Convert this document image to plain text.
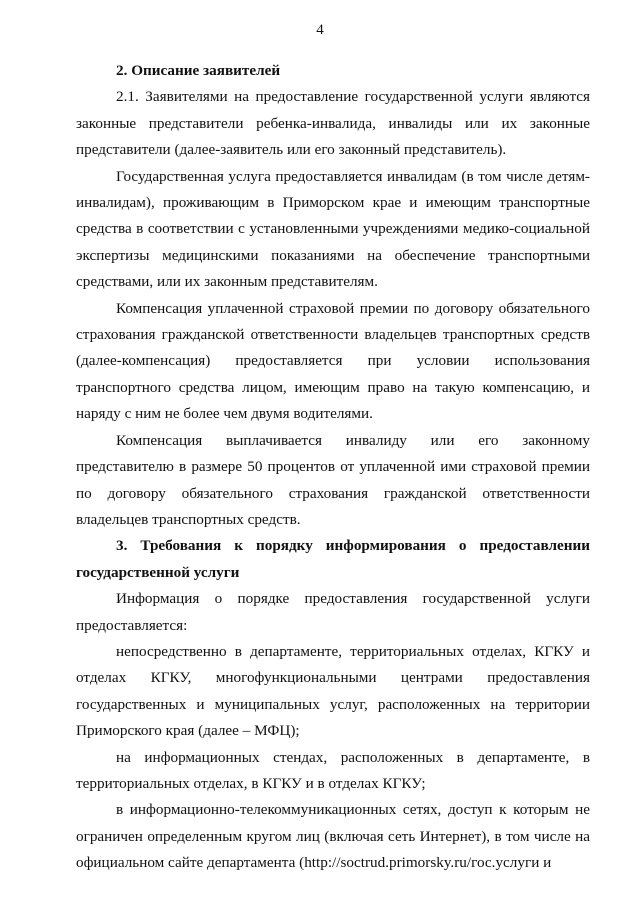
4

2. Описание заявителей

2.1. Заявителями на предоставление государственной услуги являются законные представители ребенка-инвалида, инвалиды или их законные представители (далее-заявитель или его законный представитель).

Государственная услуга предоставляется инвалидам (в том числе детям-инвалидам), проживающим в Приморском крае и имеющим транспортные средства в соответствии с установленными учреждениями медико-социальной экспертизы медицинскими показаниями на обеспечение транспортными средствами, или их законным представителям.

Компенсация уплаченной страховой премии по договору обязательного страхования гражданской ответственности владельцев транспортных средств (далее-компенсация) предоставляется при условии использования транспортного средства лицом, имеющим право на такую компенсацию, и наряду с ним не более чем двумя водителями.

Компенсация выплачивается инвалиду или его законному представителю в размере 50 процентов от уплаченной ими страховой премии по договору обязательного страхования гражданской ответственности владельцев транспортных средств.

3. Требования к порядку информирования о предоставлении государственной услуги

Информация о порядке предоставления государственной услуги предоставляется:

непосредственно в департаменте, территориальных отделах, КГКУ и отделах КГКУ, многофункциональными центрами предоставления государственных и муниципальных услуг, расположенных на территории Приморского края (далее – МФЦ);

на информационных стендах, расположенных в департаменте, в территориальных отделах, в КГКУ и в отделах КГКУ;

в информационно-телекоммуникационных сетях, доступ к которым не ограничен определенным кругом лиц (включая сеть Интернет), в том числе на официальном сайте департамента (http://soctrud.primorsky.ru/гос.услуги и
